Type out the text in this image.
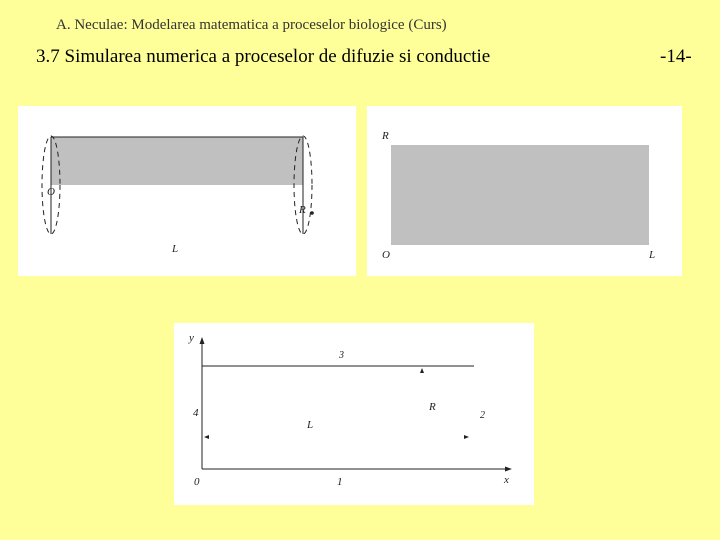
A. Neculae: Modelarea matematica a proceselor biologice (Curs)
3.7 Simularea numerica a proceselor de difuzie si conductie	-14-
O
R
L
R
O	L
y
x
0	1
2
3
4	R
L
